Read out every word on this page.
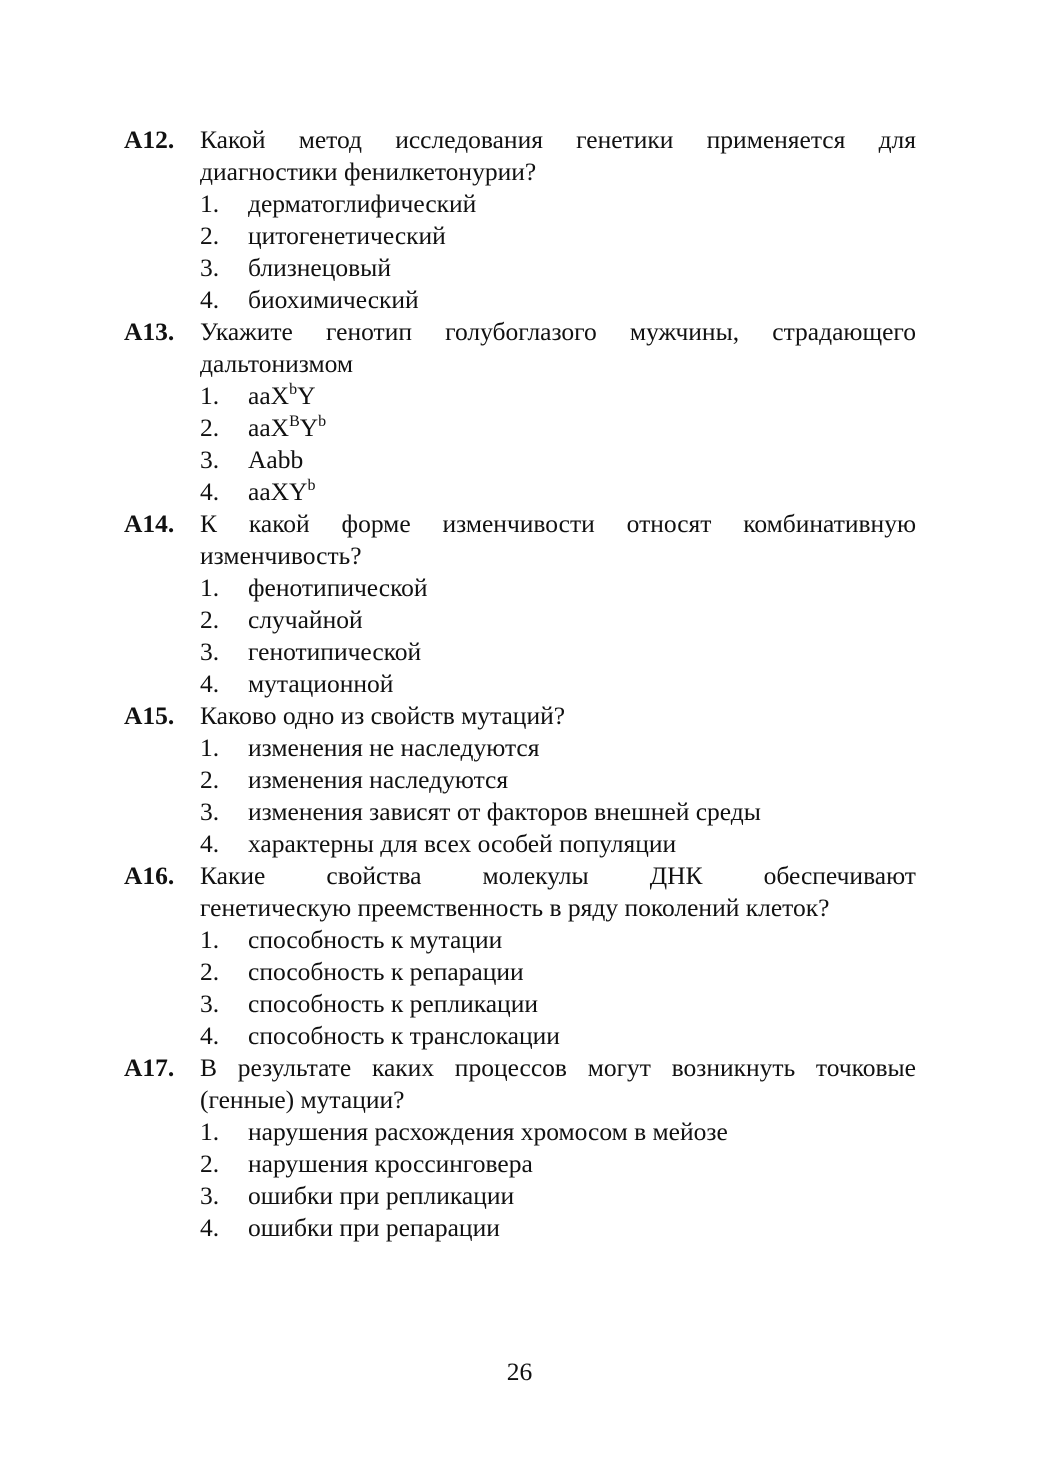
A12.	Какой метод исследования генетики применяется для диагностики фенилкетонурии?
1.	дерматоглифический
2.	цитогенетический
3.	близнецовый
4.	биохимический
A13.	Укажите генотип голубоглазого мужчины, страдающего дальтонизмом
1.	aaX$^b$Y
2.	$aaX^BY^b$
3.	Aabb
4.	aaXY$^b$
A14.	К какой форме изменчивости относят комбинативную изменчивость?
1.	фенотипической
2.	случайной
3.	генотипической
4.	мутационной
A15.	Каково одно из свойств мутаций?
1.	изменения не наследуются
2.	изменения наследуются
3.	изменения зависят от факторов внешней среды
4.	характерны для всех особей популяции
A16.	Какие свойства молекулы ДНК обеспечивают
генетическую преемственность в ряду поколений клеток?
1.	способность к мутации
2.	способность к репарации
3.	способность к репликации
4.	способность к транслокации
A17.	В результате каких процессов могут возникнуть точковые (генные) мутации?
1.	нарушения расхождения хромосом в мейозе
2.	нарушения кроссинговера
3.	ошибки при репликации
4.	ошибки при репарации
26
